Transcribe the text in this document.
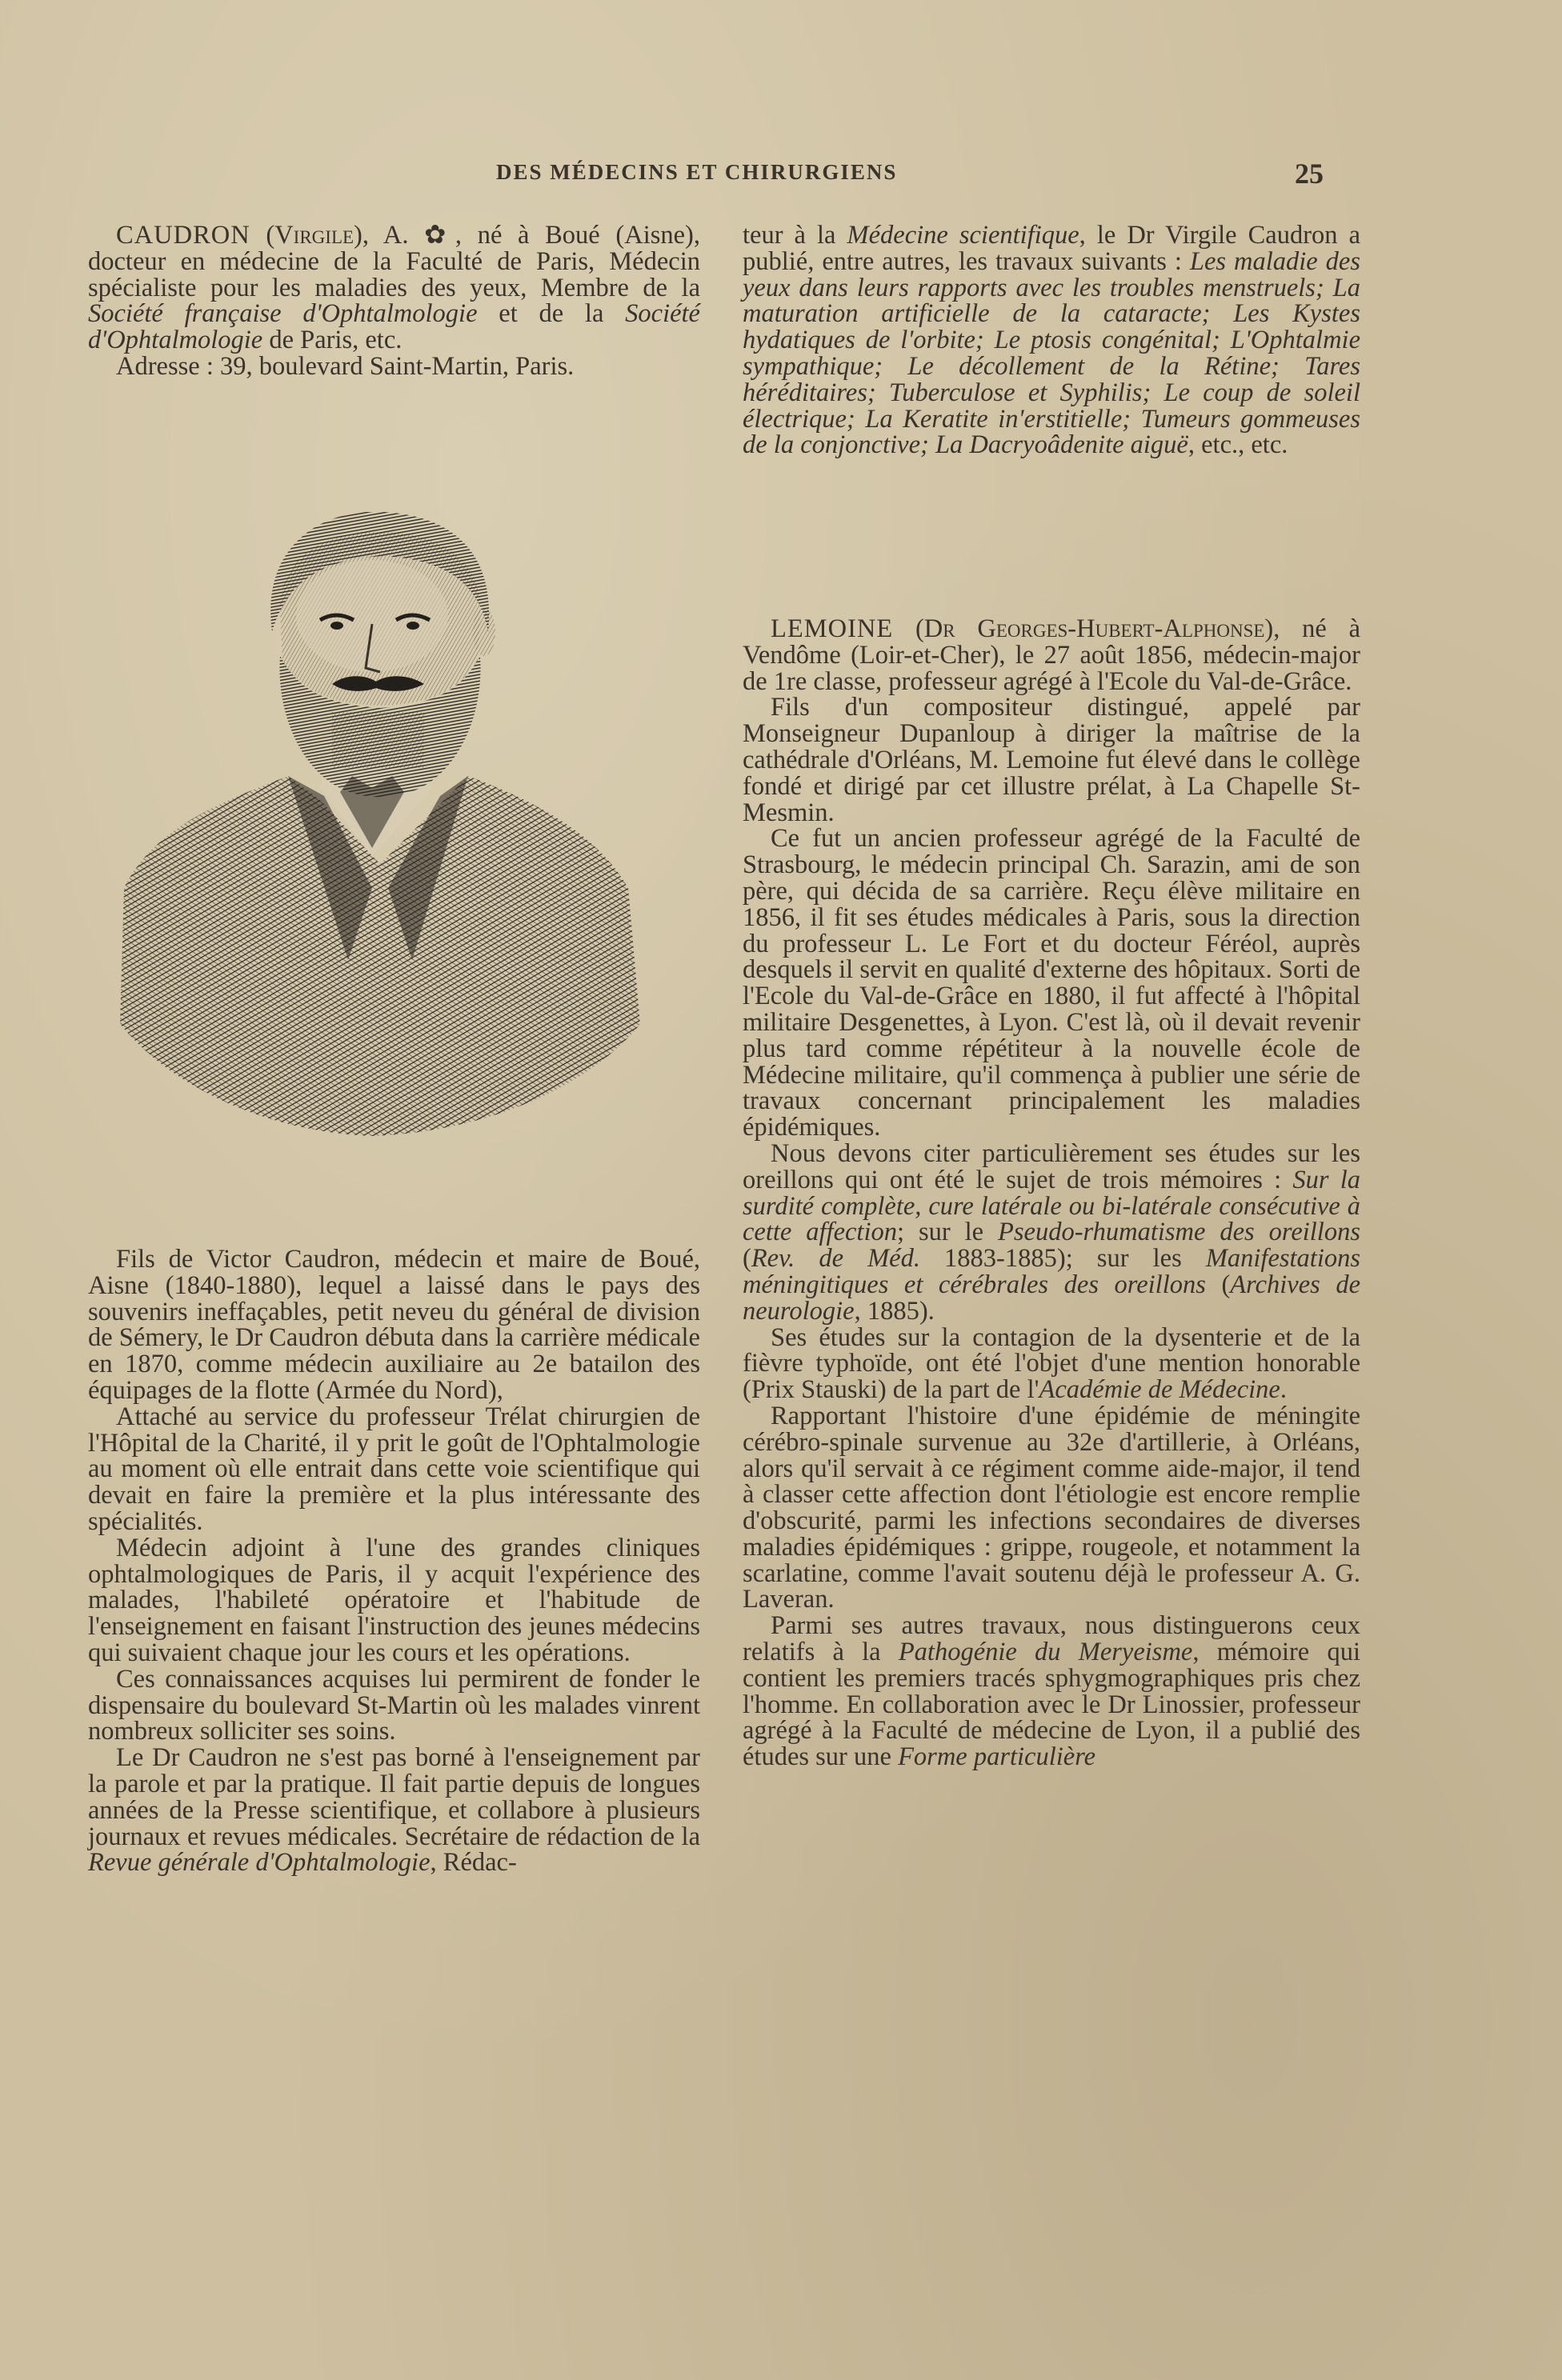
DES MÉDECINS ET CHIRURGIENS	25

CAUDRON (Virgile), A. ✿, né à Boué (Aisne), docteur en médecine de la Faculté de Paris, Médecin spécialiste pour les maladies des yeux, Membre de la Société française d'Ophtalmologie et de la Société d'Ophtalmologie de Paris, etc.

Adresse : 39, boulevard Saint-Martin, Paris.

Fils de Victor Caudron, médecin et maire de Boué, Aisne (1840-1880), lequel a laissé dans le pays des souvenirs ineffaçables, petit neveu du général de division de Sémery, le Dr Caudron débuta dans la carrière médicale en 1870, comme médecin auxiliaire au 2e batailon des équipages de la flotte (Armée du Nord),

Attaché au service du professeur Trélat chirurgien de l'Hôpital de la Charité, il y prit le goût de l'Ophtalmologie au moment où elle entrait dans cette voie scientifique qui devait en faire la première et la plus intéressante des spécialités.

Médecin adjoint à l'une des grandes cliniques ophtalmologiques de Paris, il y acquit l'expérience des malades, l'habileté opératoire et l'habitude de l'enseignement en faisant l'instruction des jeunes médecins qui suivaient chaque jour les cours et les opérations.

Ces connaissances acquises lui permirent de fonder le dispensaire du boulevard St-Martin où les malades vinrent nombreux solliciter ses soins.

Le Dr Caudron ne s'est pas borné à l'enseignement par la parole et par la pratique. Il fait partie depuis de longues années de la Presse scientifique, et collabore à plusieurs journaux et revues médicales. Secrétaire de rédaction de la Revue générale d'Ophtalmologie, Rédac-

teur à la Médecine scientifique, le Dr Virgile Caudron a publié, entre autres, les travaux suivants : Les maladie des yeux dans leurs rapports avec les troubles menstruels; La maturation artificielle de la cataracte; Les Kystes hydatiques de l'orbite; Le ptosis congénital; L'Ophtalmie sympathique; Le décollement de la Rétine; Tares héréditaires; Tuberculose et Syphilis; Le coup de soleil électrique; La Keratite in'erstitielle; Tumeurs gommeuses de la conjonctive; La Dacryoâdenite aiguë, etc., etc.

LEMOINE (Dr Georges-Hubert-Alphonse), né à Vendôme (Loir-et-Cher), le 27 août 1856, médecin-major de 1re classe, professeur agrégé à l'Ecole du Val-de-Grâce.

Fils d'un compositeur distingué, appelé par Monseigneur Dupanloup à diriger la maîtrise de la cathédrale d'Orléans, M. Lemoine fut élevé dans le collège fondé et dirigé par cet illustre prélat, à La Chapelle St-Mesmin.

Ce fut un ancien professeur agrégé de la Faculté de Strasbourg, le médecin principal Ch. Sarazin, ami de son père, qui décida de sa carrière. Reçu élève militaire en 1856, il fit ses études médicales à Paris, sous la direction du professeur L. Le Fort et du docteur Féréol, auprès desquels il servit en qualité d'externe des hôpitaux. Sorti de l'Ecole du Val-de-Grâce en 1880, il fut affecté à l'hôpital militaire Desgenettes, à Lyon. C'est là, où il devait revenir plus tard comme répétiteur à la nouvelle école de Médecine militaire, qu'il commença à publier une série de travaux concernant principalement les maladies épidémiques.

Nous devons citer particulièrement ses études sur les oreillons qui ont été le sujet de trois mémoires : Sur la surdité complète, cure latérale ou bi-latérale consécutive à cette affection; sur le Pseudo-rhumatisme des oreillons (Rev. de Méd. 1883-1885); sur les Manifestations méningitiques et cérébrales des oreillons (Archives de neurologie, 1885).

Ses études sur la contagion de la dysenterie et de la fièvre typhoïde, ont été l'objet d'une mention honorable (Prix Stauski) de la part de l'Académie de Médecine.

Rapportant l'histoire d'une épidémie de méningite cérébro-spinale survenue au 32e d'artillerie, à Orléans, alors qu'il servait à ce régiment comme aide-major, il tend à classer cette affection dont l'étiologie est encore remplie d'obscurité, parmi les infections secondaires de diverses maladies épidémiques : grippe, rougeole, et notamment la scarlatine, comme l'avait soutenu déjà le professeur A. G. Laveran.

Parmi ses autres travaux, nous distinguerons ceux relatifs à la Pathogénie du Meryeisme, mémoire qui contient les premiers tracés sphygmographiques pris chez l'homme. En collaboration avec le Dr Linossier, professeur agrégé à la Faculté de médecine de Lyon, il a publié des études sur une Forme particulière
